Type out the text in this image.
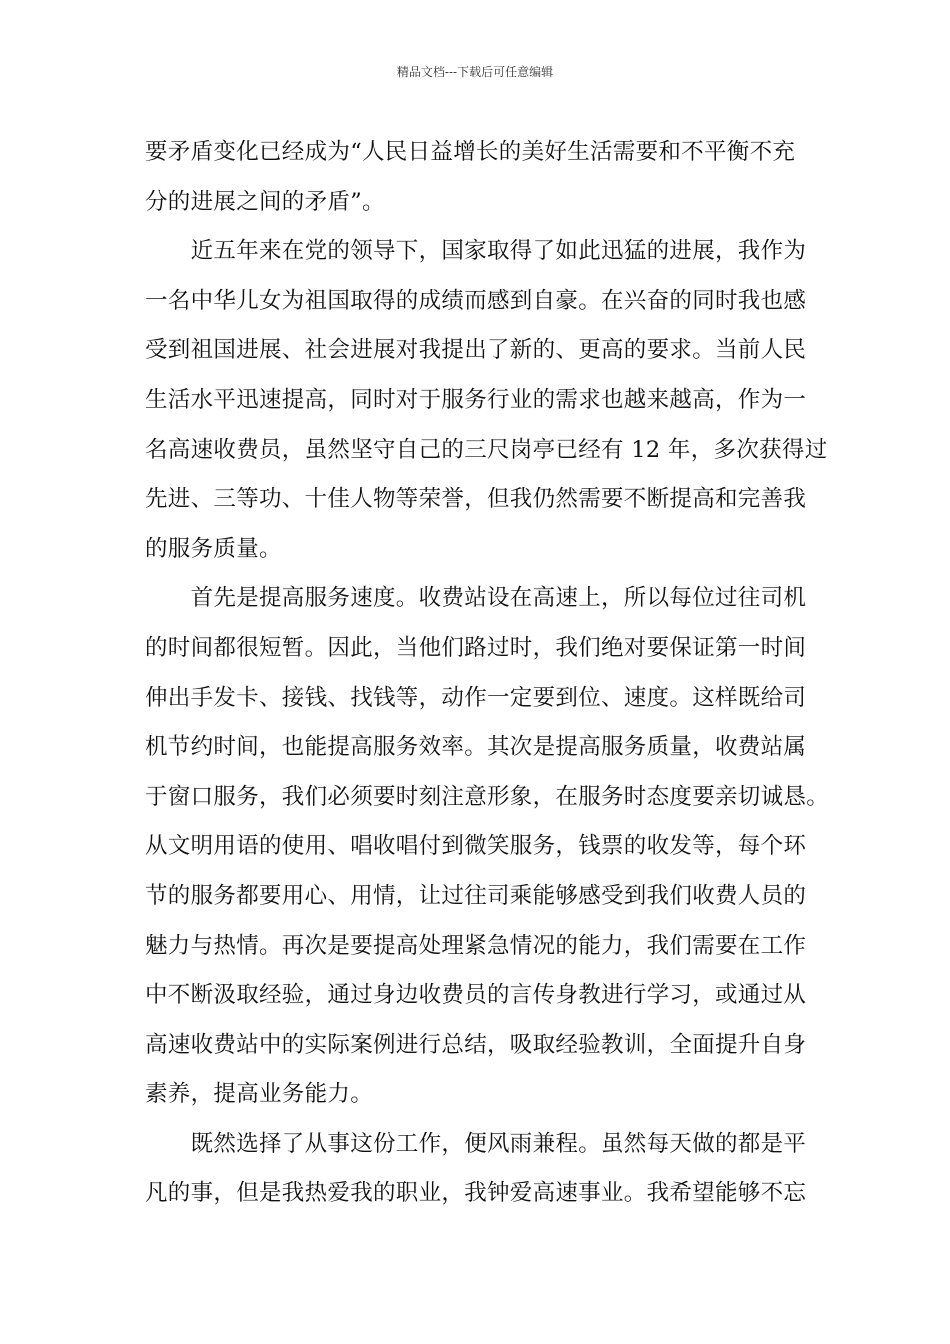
精品文档---下载后可任意编辑
要矛盾变化已经成为“人民日益增长的美好生活需要和不平衡不充
分的进展之间的矛盾”。
　　近五年来在党的领导下，国家取得了如此迅猛的进展，我作为
一名中华儿女为祖国取得的成绩而感到自豪。在兴奋的同时我也感
受到祖国进展、社会进展对我提出了新的、更高的要求。当前人民
生活水平迅速提高，同时对于服务行业的需求也越来越高，作为一
名高速收费员，虽然坚守自己的三尺岗亭已经有 12 年，多次获得过
先进、三等功、十佳人物等荣誉，但我仍然需要不断提高和完善我
的服务质量。
　　首先是提高服务速度。收费站设在高速上，所以每位过往司机
的时间都很短暂。因此，当他们路过时，我们绝对要保证第一时间
伸出手发卡、接钱、找钱等，动作一定要到位、速度。这样既给司
机节约时间，也能提高服务效率。其次是提高服务质量，收费站属
于窗口服务，我们必须要时刻注意形象，在服务时态度要亲切诚恳。
从文明用语的使用、唱收唱付到微笑服务，钱票的收发等，每个环
节的服务都要用心、用情，让过往司乘能够感受到我们收费人员的
魅力与热情。再次是要提高处理紧急情况的能力，我们需要在工作
中不断汲取经验，通过身边收费员的言传身教进行学习，或通过从
高速收费站中的实际案例进行总结，吸取经验教训，全面提升自身
素养，提高业务能力。
　　既然选择了从事这份工作，便风雨兼程。虽然每天做的都是平
凡的事，但是我热爱我的职业，我钟爱高速事业。我希望能够不忘
